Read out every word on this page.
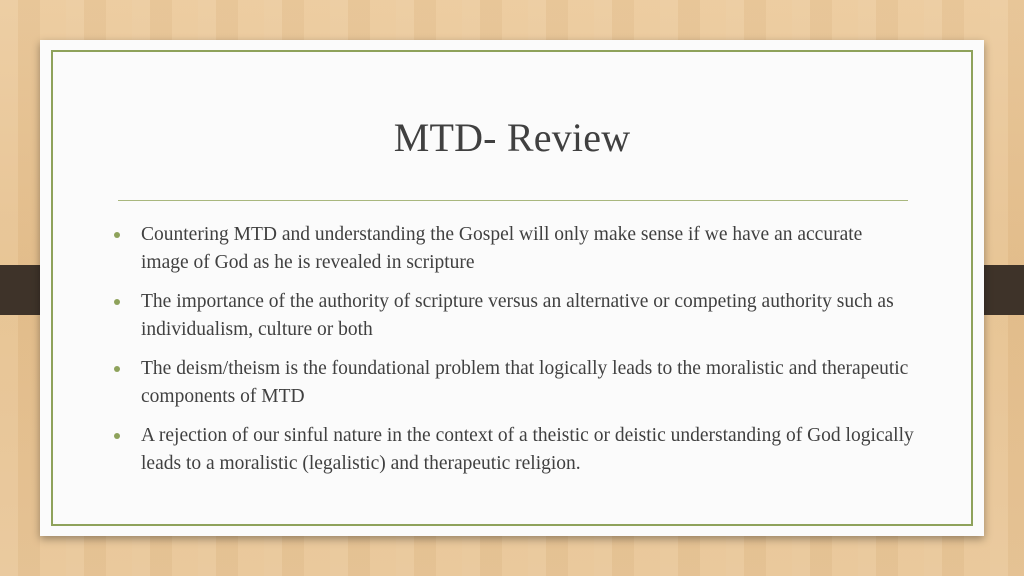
MTD- Review
Countering MTD and understanding the Gospel will only make sense if we have an accurate image of God as he is revealed in scripture
The importance of the authority of scripture versus an alternative or competing authority such as individualism, culture or both
The deism/theism is the foundational problem that logically leads to the moralistic and therapeutic components of MTD
A rejection of our sinful nature in the context of a theistic or deistic understanding of God logically leads to a moralistic (legalistic) and therapeutic religion.
